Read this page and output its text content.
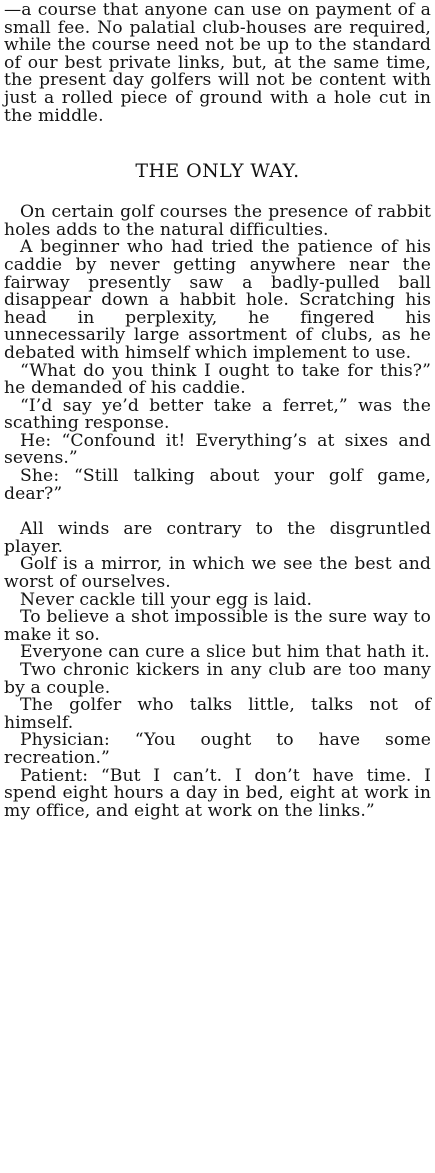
—a course that anyone can use on payment of a small fee. No palatial club-houses are required, while the course need not be up to the standard of our best private links, but, at the same time, the present day golfers will not be content with just a rolled piece of ground with a hole cut in the middle.

THE ONLY WAY.

On certain golf courses the presence of rabbit holes adds to the natural difficulties.

A beginner who had tried the patience of his caddie by never getting anywhere near the fairway presently saw a badly-pulled ball disappear down a habbit hole. Scratching his head in perplexity, he fingered his unnecessarily large assortment of clubs, as he debated with himself which implement to use.

“What do you think I ought to take for this?” he demanded of his caddie.

“I’d say ye’d better take a ferret,” was the scathing response.

He: “Confound it! Everything’s at sixes and sevens.”

She: “Still talking about your golf game, dear?”

All winds are contrary to the disgruntled player.

Golf is a mirror, in which we see the best and worst of ourselves.

Never cackle till your egg is laid.

To believe a shot impossible is the sure way to make it so.

Everyone can cure a slice but him that hath it.

Two chronic kickers in any club are too many by a couple.

The golfer who talks little, talks not of himself.

Physician: “You ought to have some recreation.”

Patient: “But I can’t. I don’t have time. I spend eight hours a day in bed, eight at work in my office, and eight at work on the links.”
